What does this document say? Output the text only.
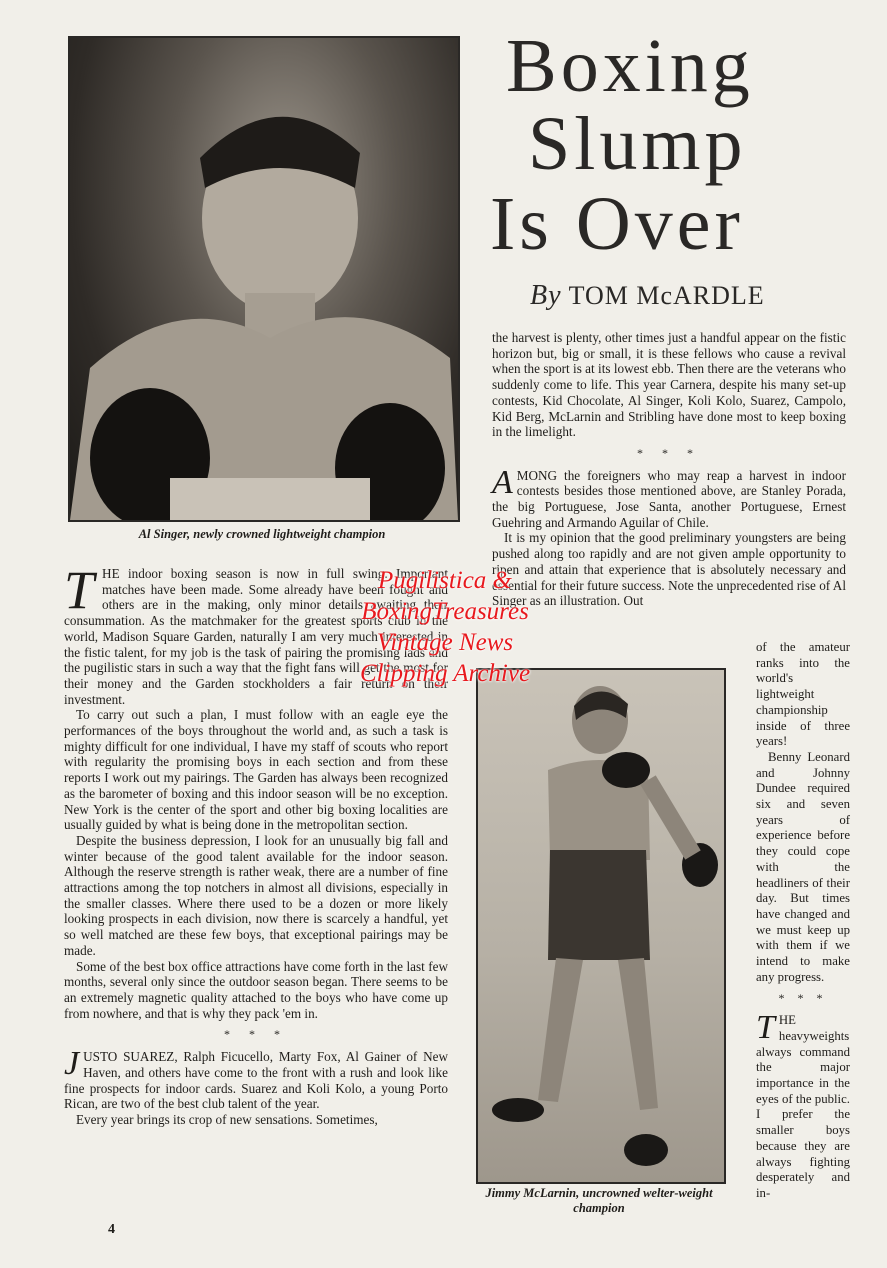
Boxing
Slump
Is Over
By TOM McARDLE
Al Singer, newly crowned lightweight champion
Jimmy McLarnin, uncrowned welter-weight champion

THE indoor boxing season is now in full swing. Important matches have been made. Some already have been fought and others are in the making, only minor details awaiting their consummation. As the matchmaker for the greatest sports club in the world, Madison Square Garden, naturally I am very much interested in the fistic talent, for my job is the task of pairing the promising lads and the pugilistic stars in such a way that the fight fans will get the most for their money and the Garden stockholders a fair return on their investment.

To carry out such a plan, I must follow with an eagle eye the performances of the boys throughout the world and, as such a task is mighty difficult for one individual, I have my staff of scouts who report with regularity the promising boys in each section and from these reports I work out my pairings. The Garden has always been recognized as the barometer of boxing and this indoor season will be no exception. New York is the center of the sport and other big boxing localities are usually guided by what is being done in the metropolitan section.

Despite the business depression, I look for an unusually big fall and winter because of the good talent available for the indoor season. Although the reserve strength is rather weak, there are a number of fine attractions among the top notchers in almost all divisions, especially in the smaller classes. Where there used to be a dozen or more likely looking prospects in each division, now there is scarcely a handful, yet so well matched are these few boys, that exceptional pairings may be made.

Some of the best box office attractions have come forth in the last few months, several only since the outdoor season began. There seems to be an extremely magnetic quality attached to the boys who have come up from nowhere, and that is why they pack 'em in.

* * *

JUSTO SUAREZ, Ralph Ficucello, Marty Fox, Al Gainer of New Haven, and others have come to the front with a rush and look like fine prospects for indoor cards. Suarez and Koli Kolo, a young Porto Rican, are two of the best club talent of the year.

Every year brings its crop of new sensations. Sometimes,

the harvest is plenty, other times just a handful appear on the fistic horizon but, big or small, it is these fellows who cause a revival when the sport is at its lowest ebb. Then there are the veterans who suddenly come to life. This year Carnera, despite his many set-up contests, Kid Chocolate, Al Singer, Koli Kolo, Suarez, Campolo, Kid Berg, McLarnin and Stribling have done most to keep boxing in the limelight.

* * *

AMONG the foreigners who may reap a harvest in indoor contests besides those mentioned above, are Stanley Porada, the big Portuguese, Jose Santa, another Portuguese, Ernest Guehring and Armando Aguilar of Chile.

It is my opinion that the good preliminary youngsters are being pushed along too rapidly and are not given ample opportunity to ripen and attain that experience that is absolutely necessary and essential for their future success. Note the unprecedented rise of Al Singer as an illustration. Out

of the amateur ranks into the world's lightweight championship inside of three years!

Benny Leonard and Johnny Dundee required six and seven years of experience before they could cope with the headliners of their day. But times have changed and we must keep up with them if we intend to make any progress.

* * *

THE heavyweights always command the major importance in the eyes of the public. I prefer the smaller boys because they are always fighting desperately and in-

Pugilistica &
BoxingTreasures
Vintage News
Clipping Archive
4
